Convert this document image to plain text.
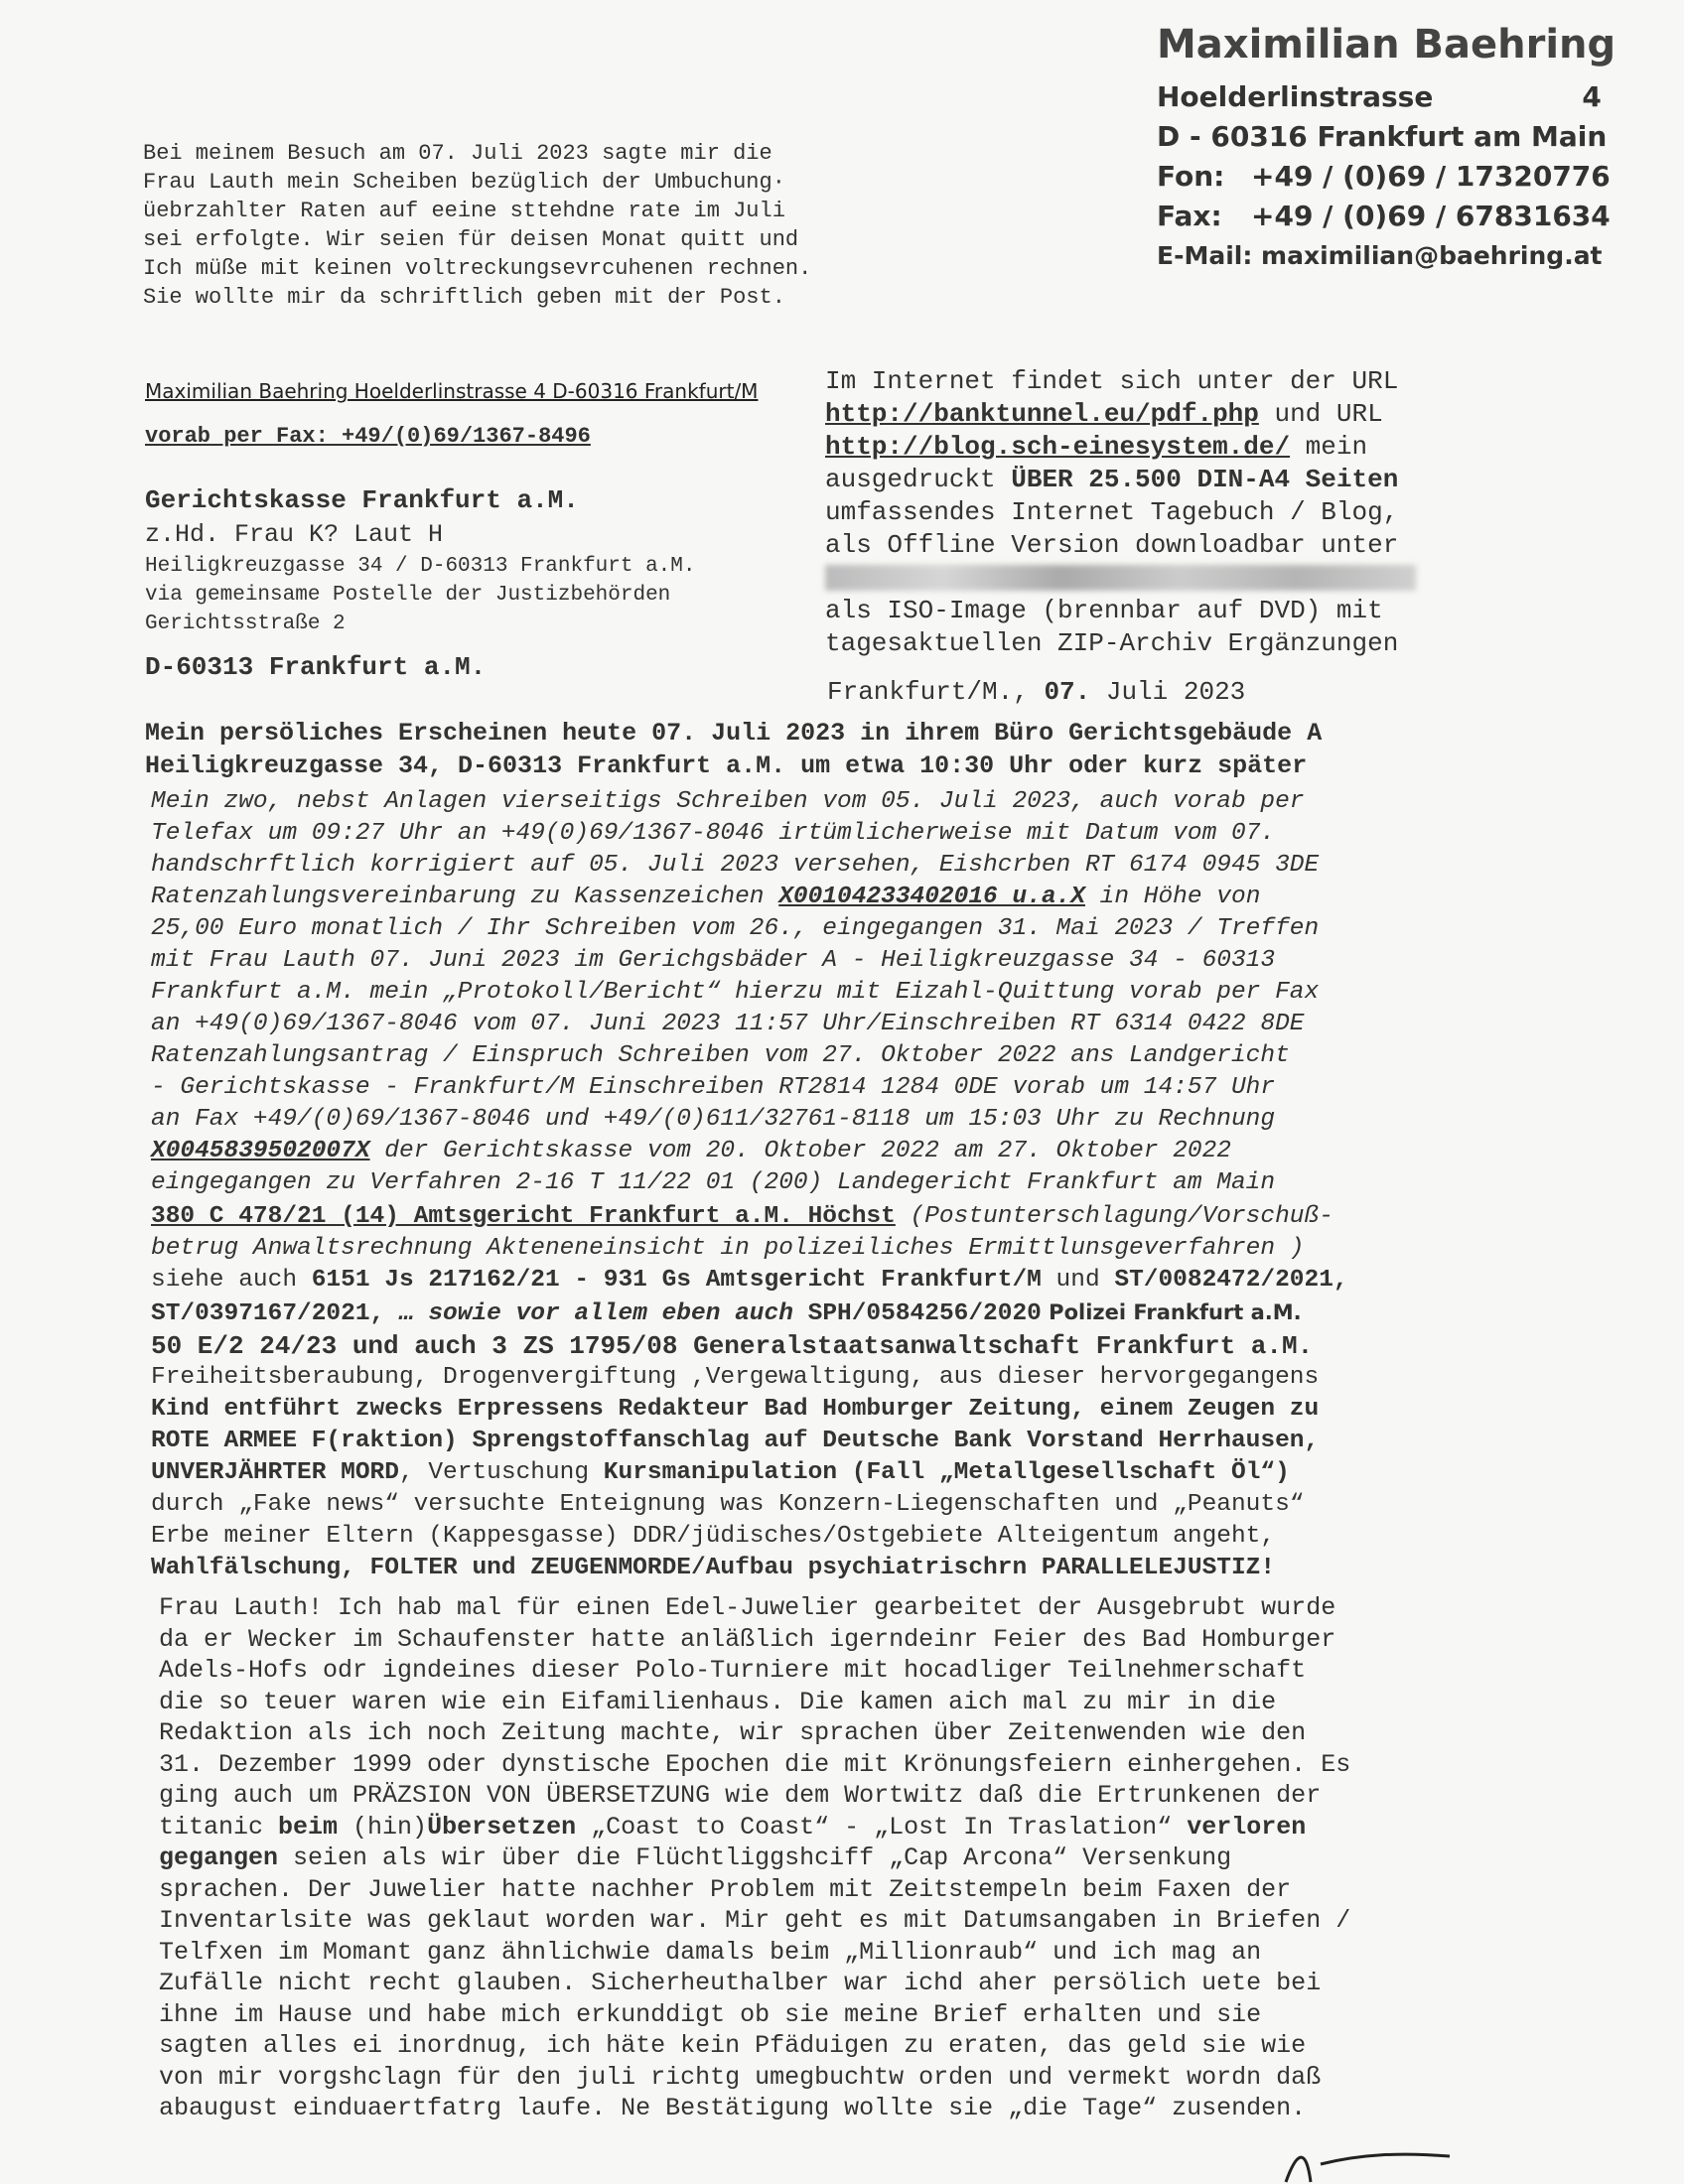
Maximilian Baehring
Hoelderlinstrasse	4
D - 60316 Frankfurt am Main
Fon: +49 / (0)69 / 17320776
Fax: +49 / (0)69 / 67831634
E-Mail: maximilian@baehring.at
Bei meinem Besuch am 07. Juli 2023 sagte mir die
Frau Lauth mein Scheiben bezüglich der Umbuchung·
üebrzahlter Raten auf eeine sttehdne rate im Juli
sei erfolgte. Wir seien für deisen Monat quitt und
Ich müße mit keinen voltreckungsevrcuhenen rechnen.
Sie wollte mir da schriftlich geben mit der Post.
Maximilian Baehring Hoelderlinstrasse 4 D-60316 Frankfurt/M
vorab per Fax: +49/(0)69/1367-8496
Gerichtskasse Frankfurt a.M.
z.Hd. Frau K? Laut H
Heiligkreuzgasse 34 / D-60313 Frankfurt a.M.
via gemeinsame Postelle der Justizbehörden
Gerichtsstraße 2
D-60313 Frankfurt a.M.
Im Internet findet sich unter der URL
http://banktunnel.eu/pdf.php und URL
http://blog.sch-einesystem.de/ mein
ausgedruckt ÜBER 25.500 DIN-A4 Seiten
umfassendes Internet Tagebuch / Blog,
als Offline Version downloadbar unter
als ISO-Image (brennbar auf DVD) mit
tagesaktuellen ZIP-Archiv Ergänzungen
Frankfurt/M., 07. Juli 2023
Mein persöliches Erscheinen heute 07. Juli 2023 in ihrem Büro Gerichtsgebäude A
Heiligkreuzgasse 34, D-60313 Frankfurt a.M. um etwa 10:30 Uhr oder kurz später
Mein zwo, nebst Anlagen vierseitigs Schreiben vom 05. Juli 2023, auch vorab per
Telefax um 09:27 Uhr an +49(0)69/1367-8046 irtümlicherweise mit Datum vom 07.
handschrftlich korrigiert auf 05. Juli 2023 versehen, Eishcrben RT 6174 0945 3DE
Ratenzahlungsvereinbarung zu Kassenzeichen X00104233402016 u.a.X in Höhe von
25,00 Euro monatlich / Ihr Schreiben vom 26., eingegangen 31. Mai 2023 / Treffen
mit Frau Lauth 07. Juni 2023 im Gerichgsbäder A - Heiligkreuzgasse 34 - 60313
Frankfurt a.M. mein „Protokoll/Bericht“ hierzu mit Eizahl-Quittung vorab per Fax
an +49(0)69/1367-8046 vom 07. Juni 2023 11:57 Uhr/Einschreiben RT 6314 0422 8DE
Ratenzahlungsantrag / Einspruch Schreiben vom 27. Oktober 2022 ans Landgericht
- Gerichtskasse - Frankfurt/M Einschreiben RT2814 1284 0DE vorab um 14:57 Uhr
an Fax +49/(0)69/1367-8046 und +49/(0)611/32761-8118 um 15:03 Uhr zu Rechnung
X0045839502007X der Gerichtskasse vom 20. Oktober 2022 am 27. Oktober 2022
eingegangen zu Verfahren 2-16 T 11/22 01 (200) Landegericht Frankfurt am Main
380 C 478/21 (14) Amtsgericht Frankfurt a.M. Höchst (Postunterschlagung/Vorschuß-
betrug Anwaltsrechnung Akteneneinsicht in polizeiliches Ermittlunsgeverfahren )
siehe auch 6151 Js 217162/21 - 931 Gs Amtsgericht Frankfurt/M und ST/0082472/2021,
ST/0397167/2021, … sowie vor allem eben auch SPH/0584256/2020 Polizei Frankfurt a.M.
50 E/2 24/23 und auch 3 ZS 1795/08 Generalstaatsanwaltschaft Frankfurt a.M.
Freiheitsberaubung, Drogenvergiftung ,Vergewaltigung, aus dieser hervorgegangens
Kind entführt zwecks Erpressens Redakteur Bad Homburger Zeitung, einem Zeugen zu
ROTE ARMEE F(raktion) Sprengstoffanschlag auf Deutsche Bank Vorstand Herrhausen,
UNVERJÄHRTER MORD, Vertuschung Kursmanipulation (Fall „Metallgesellschaft Öl“)
durch „Fake news“ versuchte Enteignung was Konzern-Liegenschaften und „Peanuts“
Erbe meiner Eltern (Kappesgasse) DDR/jüdisches/Ostgebiete Alteigentum angeht,
Wahlfälschung, FOLTER und ZEUGENMORDE/Aufbau psychiatrischrn PARALLELEJUSTIZ!
Frau Lauth! Ich hab mal für einen Edel-Juwelier gearbeitet der Ausgebrubt wurde
da er Wecker im Schaufenster hatte anläßlich igerndeinr Feier des Bad Homburger
Adels-Hofs odr igndeines dieser Polo-Turniere mit hocadliger Teilnehmerschaft
die so teuer waren wie ein Eifamilienhaus. Die kamen aich mal zu mir in die
Redaktion als ich noch Zeitung machte, wir sprachen über Zeitenwenden wie den
31. Dezember 1999 oder dynstische Epochen die mit Krönungsfeiern einhergehen. Es
ging auch um PRÄZSION VON ÜBERSETZUNG wie dem Wortwitz daß die Ertrunkenen der
titanic beim (hin)Übersetzen „Coast to Coast“ - „Lost In Traslation“ verloren
gegangen seien als wir über die Flüchtliggshciff „Cap Arcona“ Versenkung
sprachen. Der Juwelier hatte nachher Problem mit Zeitstempeln beim Faxen der
Inventarlsite was geklaut worden war. Mir geht es mit Datumsangaben in Briefen /
Telfxen im Momant ganz ähnlichwie damals beim „Millionraub“ und ich mag an
Zufälle nicht recht glauben. Sicherheuthalber war ichd aher persölich uete bei
ihne im Hause und habe mich erkunddigt ob sie meine Brief erhalten und sie
sagten alles ei inordnug, ich häte kein Pfäduigen zu eraten, das geld sie wie
von mir vorgshclagn für den juli richtg umegbuchtw orden und vermekt wordn daß
abaugust einduaertfatrg laufe. Ne Bestätigung wollte sie „die Tage“ zusenden.
